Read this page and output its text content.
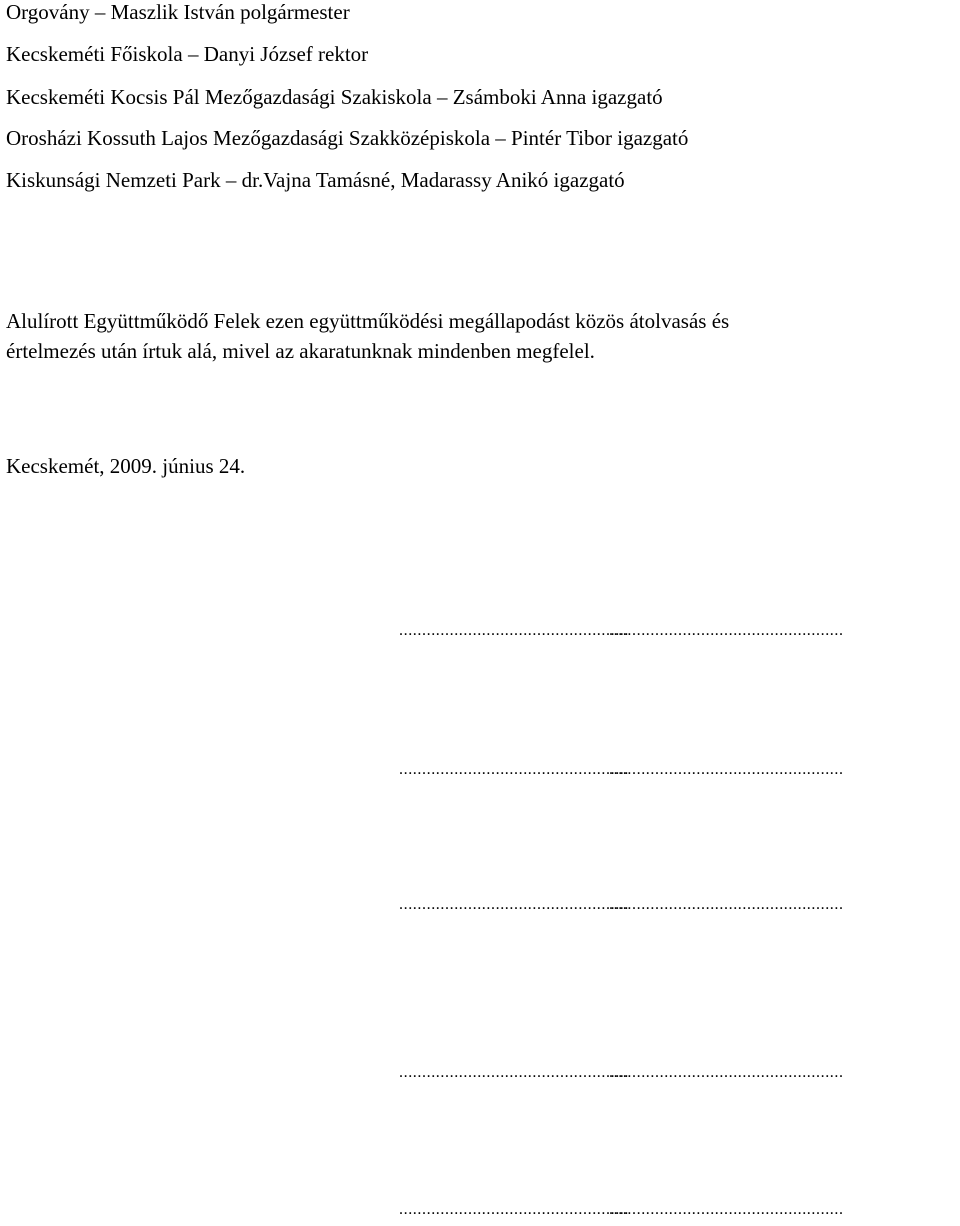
Orgovány – Maszlik István polgármester
Kecskeméti Főiskola – Danyi József rektor
Kecskeméti Kocsis Pál Mezőgazdasági Szakiskola – Zsámboki Anna igazgató
Orosházi Kossuth Lajos Mezőgazdasági Szakközépiskola – Pintér Tibor igazgató
Kiskunsági Nemzeti Park – dr.Vajna Tamásné, Madarassy Anikó igazgató
Alulírott Együttműködő Felek ezen együttműködési megállapodást közös átolvasás és
értelmezés után írtuk alá, mivel az akaratunknak mindenben megfelel.
Kecskemét, 2009. június 24.
..................................................
...................................................
..................................................
...................................................
..................................................
...................................................
..................................................
...................................................
..................................................
...................................................
